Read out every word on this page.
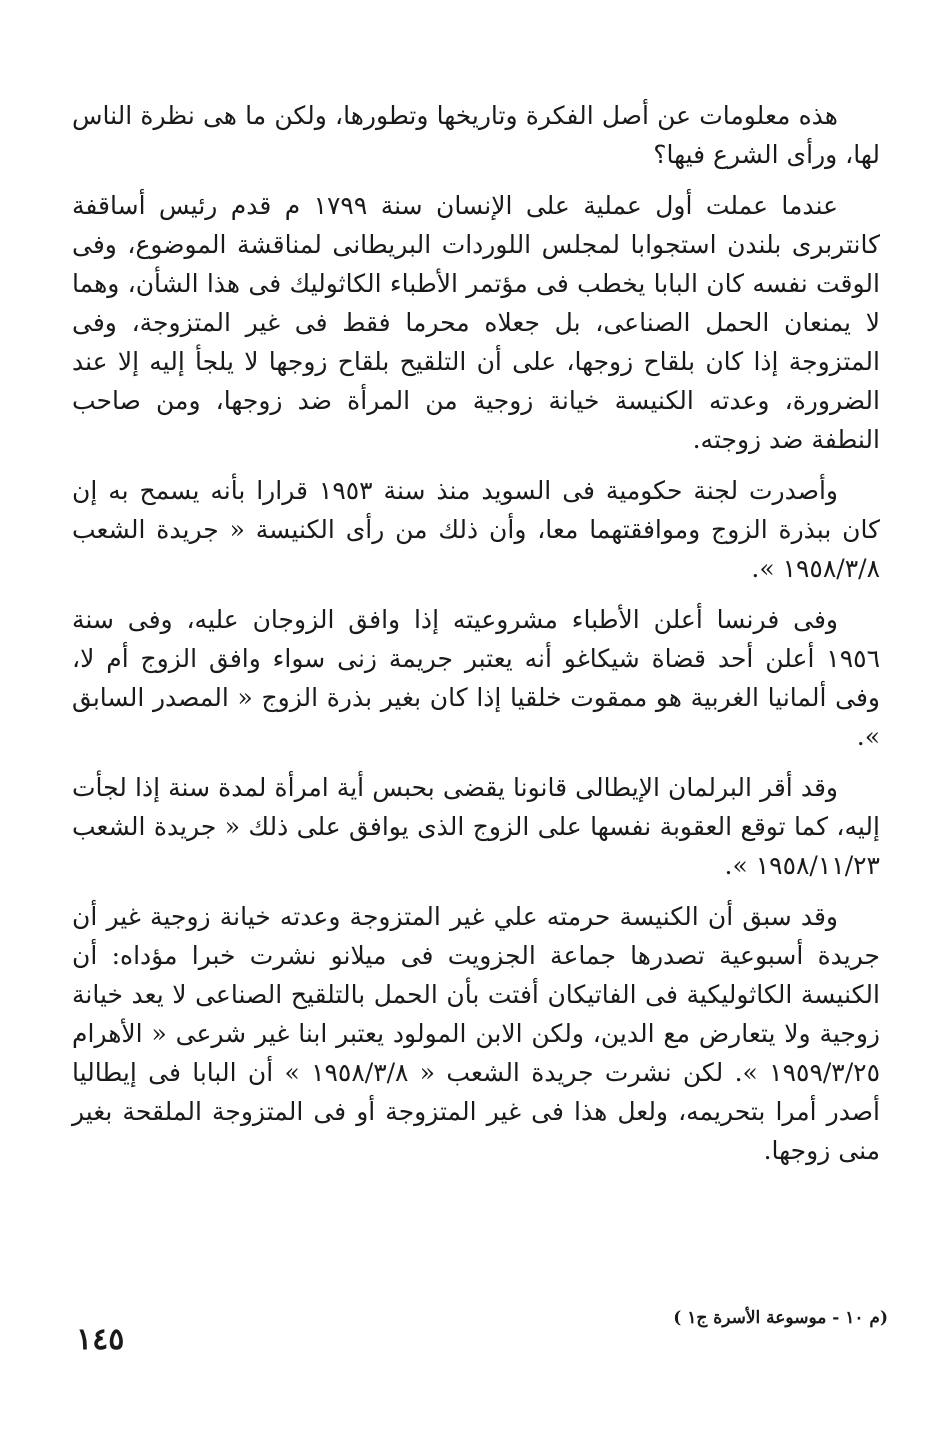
هذه معلومات عن أصل الفكرة وتاريخها وتطورها، ولكن ما هى نظرة الناس لها، ورأى الشرع فيها؟

عندما عملت أول عملية على الإنسان سنة ١٧٩٩ م قدم رئيس أساقفة كانتربرى بلندن استجوابا لمجلس اللوردات البريطانى لمناقشة الموضوع، وفى الوقت نفسه كان البابا يخطب فى مؤتمر الأطباء الكاثوليك فى هذا الشأن، وهما لا يمنعان الحمل الصناعى، بل جعلاه محرما فقط فى غير المتزوجة، وفى المتزوجة إذا كان بلقاح زوجها، على أن التلقيح بلقاح زوجها لا يلجأ إليه إلا عند الضرورة، وعدته الكنيسة خيانة زوجية من المرأة ضد زوجها، ومن صاحب النطفة ضد زوجته.

وأصدرت لجنة حكومية فى السويد منذ سنة ١٩٥٣ قرارا بأنه يسمح به إن كان ببذرة الزوج وموافقتهما معا، وأن ذلك من رأى الكنيسة « جريدة الشعب ١٩٥٨/٣/٨ ».

وفى فرنسا أعلن الأطباء مشروعيته إذا وافق الزوجان عليه، وفى سنة ١٩٥٦ أعلن أحد قضاة شيكاغو أنه يعتبر جريمة زنى سواء وافق الزوج أم لا، وفى ألمانيا الغربية هو ممقوت خلقيا إذا كان بغير بذرة الزوج « المصدر السابق ».

وقد أقر البرلمان الإيطالى قانونا يقضى بحبس أية امرأة لمدة سنة إذا لجأت إليه، كما توقع العقوبة نفسها على الزوج الذى يوافق على ذلك « جريدة الشعب ١٩٥٨/١١/٢٣ ».

وقد سبق أن الكنيسة حرمته علي غير المتزوجة وعدته خيانة زوجية غير أن جريدة أسبوعية تصدرها جماعة الجزويت فى ميلانو نشرت خبرا مؤداه: أن الكنيسة الكاثوليكية فى الفاتيكان أفتت بأن الحمل بالتلقيح الصناعى لا يعد خيانة زوجية ولا يتعارض مع الدين، ولكن الابن المولود يعتبر ابنا غير شرعى « الأهرام ١٩٥٩/٣/٢٥ ». لكن نشرت جريدة الشعب « ١٩٥٨/٣/٨ » أن البابا فى إيطاليا أصدر أمرا بتحريمه، ولعل هذا فى غير المتزوجة أو فى المتزوجة الملقحة بغير منى زوجها.

(م ١٠ - موسوعة الأسرة ج١ )
١٤٥
